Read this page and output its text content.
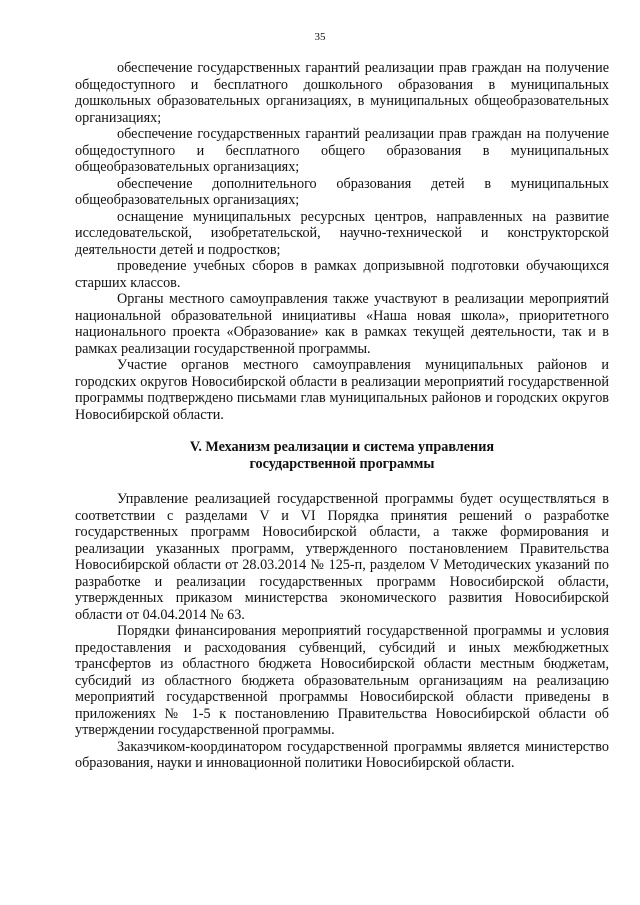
35

обеспечение государственных гарантий реализации прав граждан на получение общедоступного и бесплатного дошкольного образования в муниципальных дошкольных образовательных организациях, в муниципальных общеобразовательных организациях;

обеспечение государственных гарантий реализации прав граждан на получение общедоступного и бесплатного общего образования в муниципальных общеобразовательных организациях;

обеспечение дополнительного образования детей в муниципальных общеобразовательных организациях;

оснащение муниципальных ресурсных центров, направленных на развитие исследовательской, изобретательской, научно-технической и конструкторской деятельности детей и подростков;

проведение учебных сборов в рамках допризывной подготовки обучающихся старших классов.

Органы местного самоуправления также участвуют в реализации мероприятий национальной образовательной инициативы «Наша новая школа», приоритетного национального проекта «Образование» как в рамках текущей деятельности, так и в рамках реализации государственной программы.

Участие органов местного самоуправления муниципальных районов и городских округов Новосибирской области в реализации мероприятий государственной программы подтверждено письмами глав муниципальных районов и городских округов Новосибирской области.

V. Механизм реализации и система управления
государственной программы

Управление реализацией государственной программы будет осуществляться в соответствии с разделами V и VI Порядка принятия решений о разработке государственных программ Новосибирской области, а также формирования и реализации указанных программ, утвержденного постановлением Правительства Новосибирской области от 28.03.2014 № 125-п, разделом V Методических указаний по разработке и реализации государственных программ Новосибирской области, утвержденных приказом министерства экономического развития Новосибирской области от 04.04.2014 № 63.

Порядки финансирования мероприятий государственной программы и условия предоставления и расходования субвенций, субсидий и иных межбюджетных трансфертов из областного бюджета Новосибирской области местным бюджетам, субсидий из областного бюджета образовательным организациям на реализацию мероприятий государственной программы Новосибирской области приведены в приложениях № 1-5 к постановлению Правительства Новосибирской области об утверждении государственной программы.

Заказчиком-координатором государственной программы является министерство образования, науки и инновационной политики Новосибирской области.
